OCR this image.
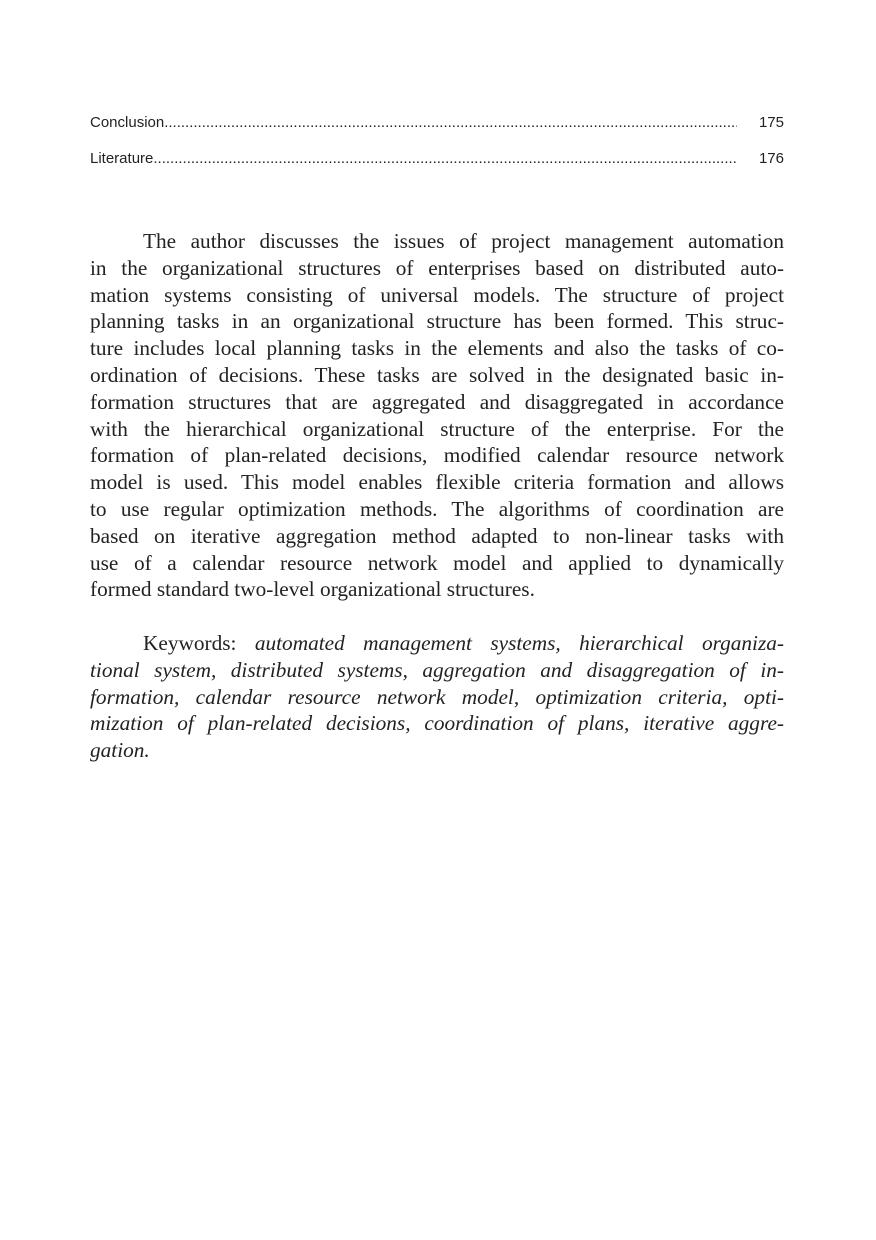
Conclusion .....	175
Literature .....	176
The author discusses the issues of project management automation
in the organizational structures of enterprises based on distributed auto-
mation systems consisting of universal models. The structure of project
planning tasks in an organizational structure has been formed. This struc-
ture includes local planning tasks in the elements and also the tasks of co-
ordination of decisions. These tasks are solved in the designated basic in-
formation structures that are aggregated and disaggregated in accordance
with the hierarchical organizational structure of the enterprise. For the
formation of plan-related decisions, modified calendar resource network
model is used. This model enables flexible criteria formation and allows
to use regular optimization methods. The algorithms of coordination are
based on iterative aggregation method adapted to non-linear tasks with
use of a calendar resource network model and applied to dynamically
formed standard two-level organizational structures.
Keywords: automated management systems, hierarchical organiza-
tional system, distributed systems, aggregation and disaggregation of in-
formation, calendar resource network model, optimization criteria, opti-
mization of plan-related decisions, coordination of plans, iterative aggre-
gation.
